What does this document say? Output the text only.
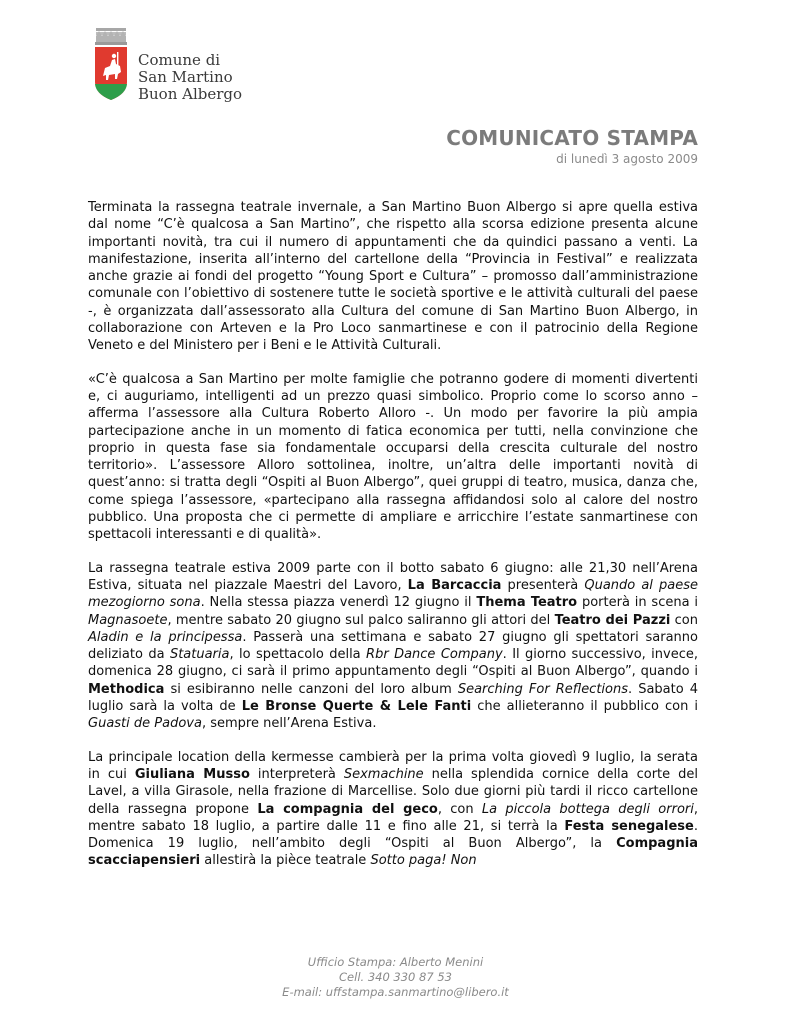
Comune di
San Martino
Buon Albergo
COMUNICATO STAMPA
di lunedì 3 agosto 2009

Terminata la rassegna teatrale invernale, a San Martino Buon Albergo si apre quella estiva dal nome “C’è qualcosa a San Martino”, che rispetto alla scorsa edizione presenta alcune importanti novità, tra cui il numero di appuntamenti che da quindici passano a venti. La manifestazione, inserita all’interno del cartellone della “Provincia in Festival” e realizzata anche grazie ai fondi del progetto “Young Sport e Cultura” – promosso dall’amministrazione comunale con l’obiettivo di sostenere tutte le società sportive e le attività culturali del paese -, è organizzata dall’assessorato alla Cultura del comune di San Martino Buon Albergo, in collaborazione con Arteven e la Pro Loco sanmartinese e con il patrocinio della Regione Veneto e del Ministero per i Beni e le Attività Culturali.

«C’è qualcosa a San Martino per molte famiglie che potranno godere di momenti divertenti e, ci auguriamo, intelligenti ad un prezzo quasi simbolico. Proprio come lo scorso anno – afferma l’assessore alla Cultura Roberto Alloro -. Un modo per favorire la più ampia partecipazione anche in un momento di fatica economica per tutti, nella convinzione che proprio in questa fase sia fondamentale occuparsi della crescita culturale del nostro territorio». L’assessore Alloro sottolinea, inoltre, un’altra delle importanti novità di quest’anno: si tratta degli “Ospiti al Buon Albergo”, quei gruppi di teatro, musica, danza che, come spiega l’assessore, «partecipano alla rassegna affidandosi solo al calore del nostro pubblico. Una proposta che ci permette di ampliare e arricchire l’estate sanmartinese con spettacoli interessanti e di qualità».

La rassegna teatrale estiva 2009 parte con il botto sabato 6 giugno: alle 21,30 nell’Arena Estiva, situata nel piazzale Maestri del Lavoro, La Barcaccia presenterà Quando al paese mezogiorno sona. Nella stessa piazza venerdì 12 giugno il Thema Teatro porterà in scena i Magnasoete, mentre sabato 20 giugno sul palco saliranno gli attori del Teatro dei Pazzi con Aladin e la principessa. Passerà una settimana e sabato 27 giugno gli spettatori saranno deliziato da Statuaria, lo spettacolo della Rbr Dance Company. Il giorno successivo, invece, domenica 28 giugno, ci sarà il primo appuntamento degli “Ospiti al Buon Albergo”, quando i Methodica si esibiranno nelle canzoni del loro album Searching For Reflections. Sabato 4 luglio sarà la volta de Le Bronse Querte & Lele Fanti che allieteranno il pubblico con i Guasti de Padova, sempre nell’Arena Estiva.

La principale location della kermesse cambierà per la prima volta giovedì 9 luglio, la serata in cui Giuliana Musso interpreterà Sexmachine nella splendida cornice della corte del Lavel, a villa Girasole, nella frazione di Marcellise. Solo due giorni più tardi il ricco cartellone della rassegna propone La compagnia del geco, con La piccola bottega degli orrori, mentre sabato 18 luglio, a partire dalle 11 e fino alle 21, si terrà la Festa senegalese. Domenica 19 luglio, nell’ambito degli “Ospiti al Buon Albergo”, la Compagnia scacciapensieri allestirà la pièce teatrale Sotto paga! Non

Ufficio Stampa: Alberto Menini
Cell. 340 330 87 53
E-mail: uffstampa.sanmartino@libero.it
